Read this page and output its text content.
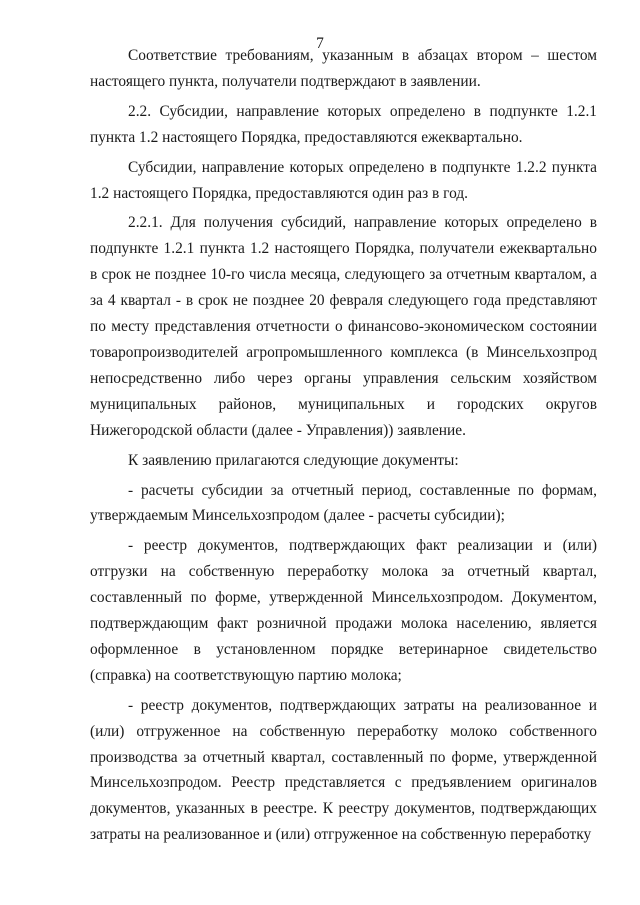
7

Соответствие требованиям, указанным в абзацах втором – шестом настоящего пункта, получатели подтверждают в заявлении.

2.2. Субсидии, направление которых определено в подпункте 1.2.1 пункта 1.2 настоящего Порядка, предоставляются ежеквартально.

Субсидии, направление которых определено в подпункте 1.2.2 пункта 1.2 настоящего Порядка, предоставляются один раз в год.

2.2.1. Для получения субсидий, направление которых определено в подпункте 1.2.1 пункта 1.2 настоящего Порядка, получатели ежеквартально в срок не позднее 10-го числа месяца, следующего за отчетным кварталом, а за 4 квартал - в срок не позднее 20 февраля следующего года представляют по месту представления отчетности о финансово-экономическом состоянии товаропроизводителей агропромышленного комплекса (в Минсельхозпрод непосредственно либо через органы управления сельским хозяйством муниципальных районов, муниципальных и городских округов Нижегородской области (далее - Управления)) заявление.

К заявлению прилагаются следующие документы:

- расчеты субсидии за отчетный период, составленные по формам, утверждаемым Минсельхозпродом (далее - расчеты субсидии);

- реестр документов, подтверждающих факт реализации и (или) отгрузки на собственную переработку молока за отчетный квартал, составленный по форме, утвержденной Минсельхозпродом. Документом, подтверждающим факт розничной продажи молока населению, является оформленное в установленном порядке ветеринарное свидетельство (справка) на соответствующую партию молока;

- реестр документов, подтверждающих затраты на реализованное и (или) отгруженное на собственную переработку молоко собственного производства за отчетный квартал, составленный по форме, утвержденной Минсельхозпродом. Реестр представляется с предъявлением оригиналов документов, указанных в реестре. К реестру документов, подтверждающих затраты на реализованное и (или) отгруженное на собственную переработку
